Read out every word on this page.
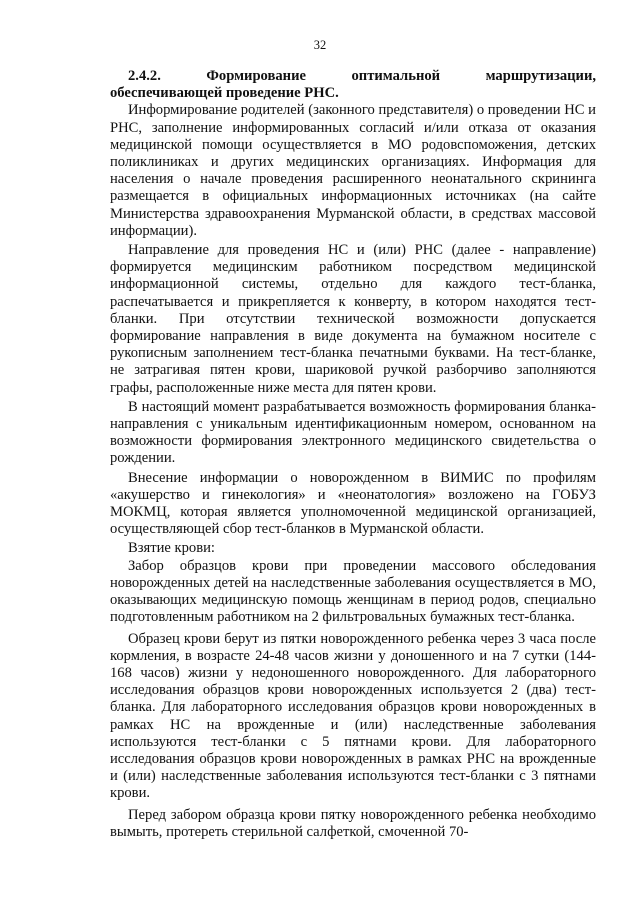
32

2.4.2. Формирование оптимальной маршрутизации,

обеспечивающей проведение РНС.

Информирование родителей (законного представителя) о проведении НС и РНС, заполнение информированных согласий и/или отказа от оказания медицинской помощи осуществляется в МО родовспоможения, детских поликлиниках и других медицинских организациях. Информация для населения о начале проведения расширенного неонатального скрининга размещается в официальных информационных источниках (на сайте Министерства здравоохранения Мурманской области, в средствах массовой информации).

Направление для проведения НС и (или) РНС (далее - направление) формируется медицинским работником посредством медицинской информационной системы, отдельно для каждого тест-бланка, распечатывается и прикрепляется к конверту, в котором находятся тест-бланки. При отсутствии технической возможности допускается формирование направления в виде документа на бумажном носителе с рукописным заполнением тест-бланка печатными буквами. На тест-бланке, не затрагивая пятен крови, шариковой ручкой разборчиво заполняются графы, расположенные ниже места для пятен крови.

В настоящий момент разрабатывается возможность формирования бланка-направления с уникальным идентификационным номером, основанном на возможности формирования электронного медицинского свидетельства о рождении.

Внесение информации о новорожденном в ВИМИС по профилям «акушерство и гинекология» и «неонатология» возложено на ГОБУЗ МОКМЦ, которая является уполномоченной медицинской организацией, осуществляющей сбор тест-бланков в Мурманской области.

Взятие крови:

Забор образцов крови при проведении массового обследования новорожденных детей на наследственные заболевания осуществляется в МО, оказывающих медицинскую помощь женщинам в период родов, специально подготовленным работником на 2 фильтровальных бумажных тест-бланка.

Образец крови берут из пятки новорожденного ребенка через 3 часа после кормления, в возрасте 24-48 часов жизни у доношенного и на 7 сутки (144-168 часов) жизни у недоношенного новорожденного. Для лабораторного исследования образцов крови новорожденных используется 2 (два) тест-бланка. Для лабораторного исследования образцов крови новорожденных в рамках НС на врожденные и (или) наследственные заболевания используются тест-бланки с 5 пятнами крови. Для лабораторного исследования образцов крови новорожденных в рамках РНС на врожденные и (или) наследственные заболевания используются тест-бланки с 3 пятнами крови.

Перед забором образца крови пятку новорожденного ребенка необходимо вымыть, протереть стерильной салфеткой, смоченной 70-
